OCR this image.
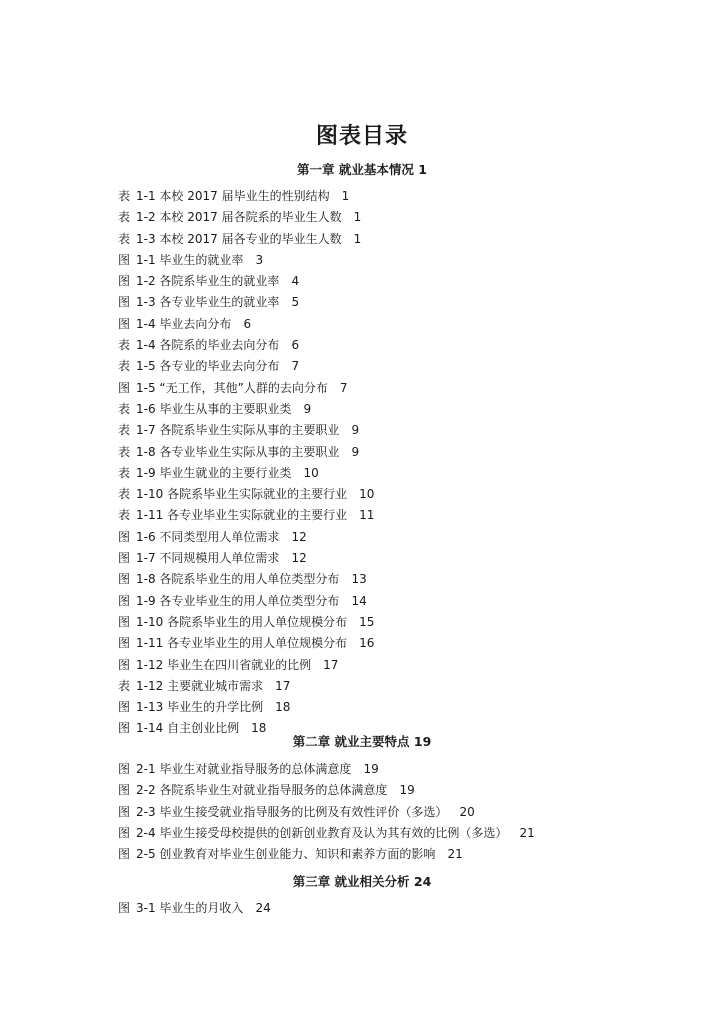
图表目录
第一章 就业基本情况 1
表 1-1 本校 2017 届毕业生的性别结构 1
表 1-2 本校 2017 届各院系的毕业生人数 1
表 1-3 本校 2017 届各专业的毕业生人数 1
图 1-1 毕业生的就业率 3
图 1-2 各院系毕业生的就业率 4
图 1-3 各专业毕业生的就业率 5
图 1-4 毕业去向分布 6
表 1-4 各院系的毕业去向分布 6
表 1-5 各专业的毕业去向分布 7
图 1-5 “无工作，其他”人群的去向分布 7
表 1-6 毕业生从事的主要职业类 9
表 1-7 各院系毕业生实际从事的主要职业 9
表 1-8 各专业毕业生实际从事的主要职业 9
表 1-9 毕业生就业的主要行业类 10
表 1-10 各院系毕业生实际就业的主要行业 10
表 1-11 各专业毕业生实际就业的主要行业 11
图 1-6 不同类型用人单位需求 12
图 1-7 不同规模用人单位需求 12
图 1-8 各院系毕业生的用人单位类型分布 13
图 1-9 各专业毕业生的用人单位类型分布 14
图 1-10 各院系毕业生的用人单位规模分布 15
图 1-11 各专业毕业生的用人单位规模分布 16
图 1-12 毕业生在四川省就业的比例 17
表 1-12 主要就业城市需求 17
图 1-13 毕业生的升学比例 18
图 1-14 自主创业比例 18
第二章 就业主要特点 19
图 2-1 毕业生对就业指导服务的总体满意度 19
图 2-2 各院系毕业生对就业指导服务的总体满意度 19
图 2-3 毕业生接受就业指导服务的比例及有效性评价（多选） 20
图 2-4 毕业生接受母校提供的创新创业教育及认为其有效的比例（多选） 21
图 2-5 创业教育对毕业生创业能力、知识和素养方面的影响 21
第三章 就业相关分析 24
图 3-1 毕业生的月收入 24
